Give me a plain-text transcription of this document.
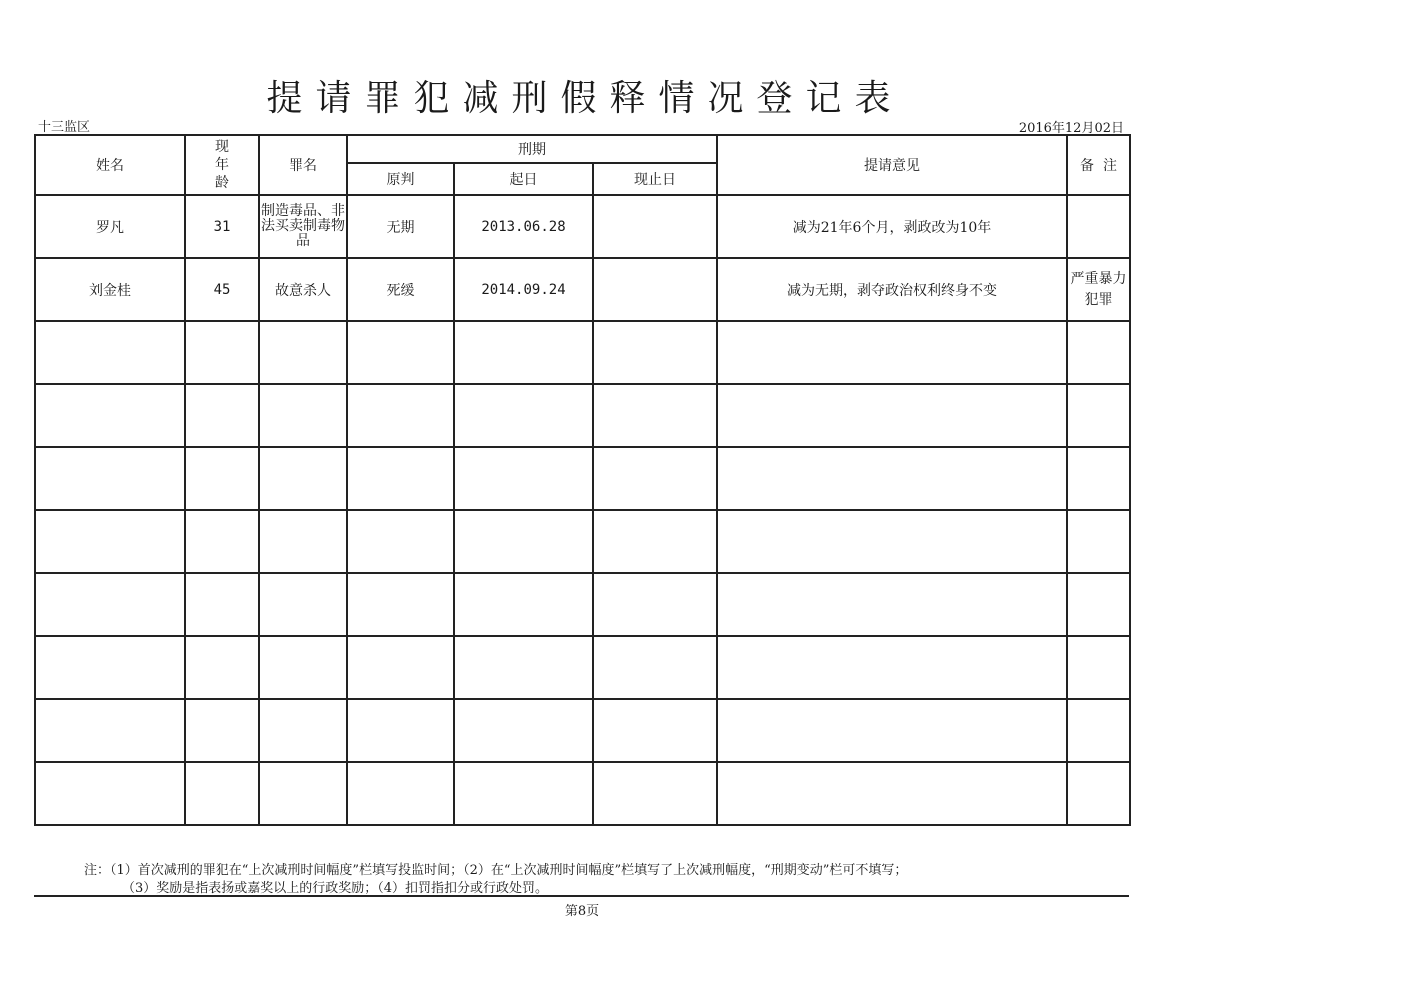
提请罪犯减刑假释情况登记表
十三监区	2016年12月02日
姓名	现年龄	罪名	刑期			提请意见	备  注
			原判	起日	现止日		
罗凡	31	制造毒品、非法买卖制毒物品	无期	2013.06.28		减为21年6个月，剥政改为10年	
刘金桂	45	故意杀人	死缓	2014.09.24		减为无期，剥夺政治权利终身不变	严重暴力犯罪

注：（1）首次减刑的罪犯在“上次减刑时间幅度”栏填写投监时间；（2）在“上次减刑时间幅度”栏填写了上次减刑幅度，“刑期变动”栏可不填写；
（3）奖励是指表扬或嘉奖以上的行政奖励；（4）扣罚指扣分或行政处罚。
第8页
